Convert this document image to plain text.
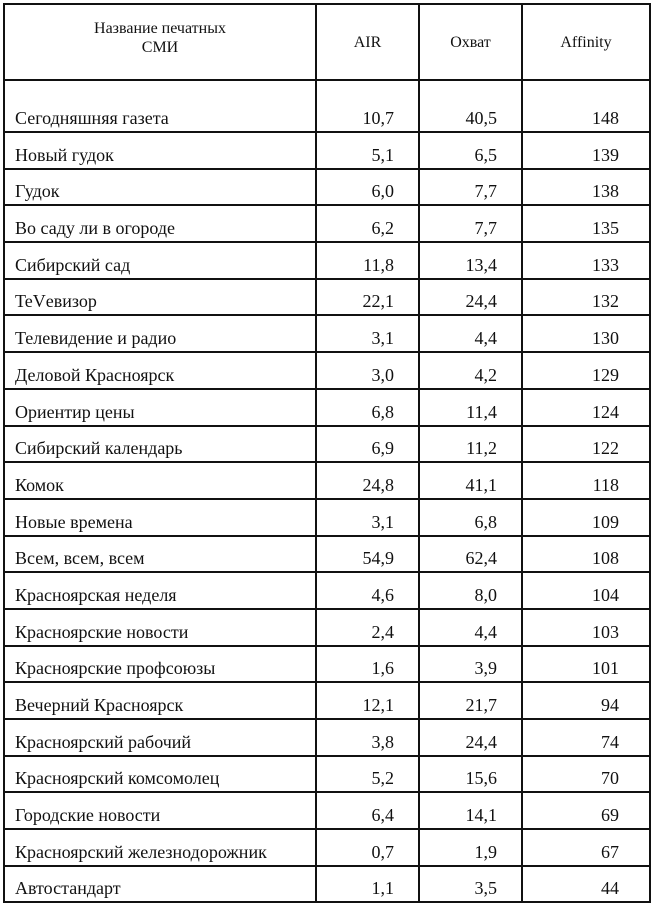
Название печатных
СМИ	AIR	Охват	Affinity
Сегодняшняя газета	10,7	40,5	148
Новый гудок	5,1	6,5	139
Гудок	6,0	7,7	138
Во саду ли в огороде	6,2	7,7	135
Сибирский сад	11,8	13,4	133
TeVевизор	22,1	24,4	132
Телевидение и радио	3,1	4,4	130
Деловой Красноярск	3,0	4,2	129
Ориентир цены	6,8	11,4	124
Сибирский календарь	6,9	11,2	122
Комок	24,8	41,1	118
Новые времена	3,1	6,8	109
Всем, всем, всем	54,9	62,4	108
Красноярская неделя	4,6	8,0	104
Красноярские новости	2,4	4,4	103
Красноярские профсоюзы	1,6	3,9	101
Вечерний Красноярск	12,1	21,7	94
Красноярский рабочий	3,8	24,4	74
Красноярский комсомолец	5,2	15,6	70
Городские новости	6,4	14,1	69
Красноярский железнодорожник	0,7	1,9	67
Автостандарт	1,1	3,5	44
